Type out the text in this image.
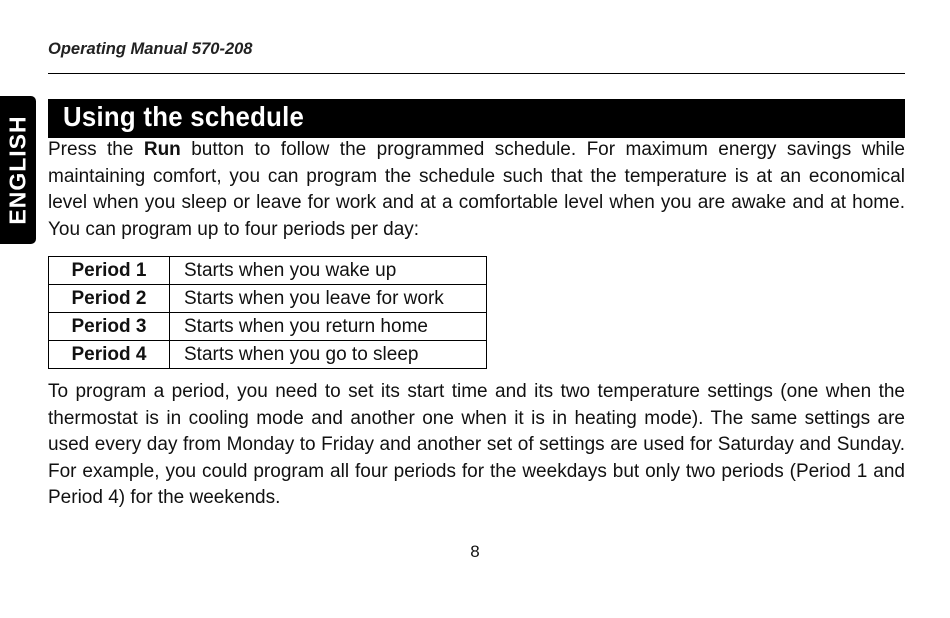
Operating Manual 570-208
ENGLISH Using the schedule
Press the Run button to follow the programmed schedule. For maximum energy savings while maintaining comfort, you can program the schedule such that the temperature is at an economical level when you sleep or leave for work and at a comfortable level when you are awake and at home. You can program up to four periods per day:
Period 1	Starts when you wake up
Period 2	Starts when you leave for work
Period 3	Starts when you return home
Period 4	Starts when you go to sleep
To program a period, you need to set its start time and its two temperature settings (one when the thermostat is in cooling mode and another one when it is in heating mode). The same settings are used every day from Monday to Friday and another set of settings are used for Saturday and Sunday. For example, you could program all four periods for the weekdays but only two periods (Period 1 and Period 4) for the weekends.
8
